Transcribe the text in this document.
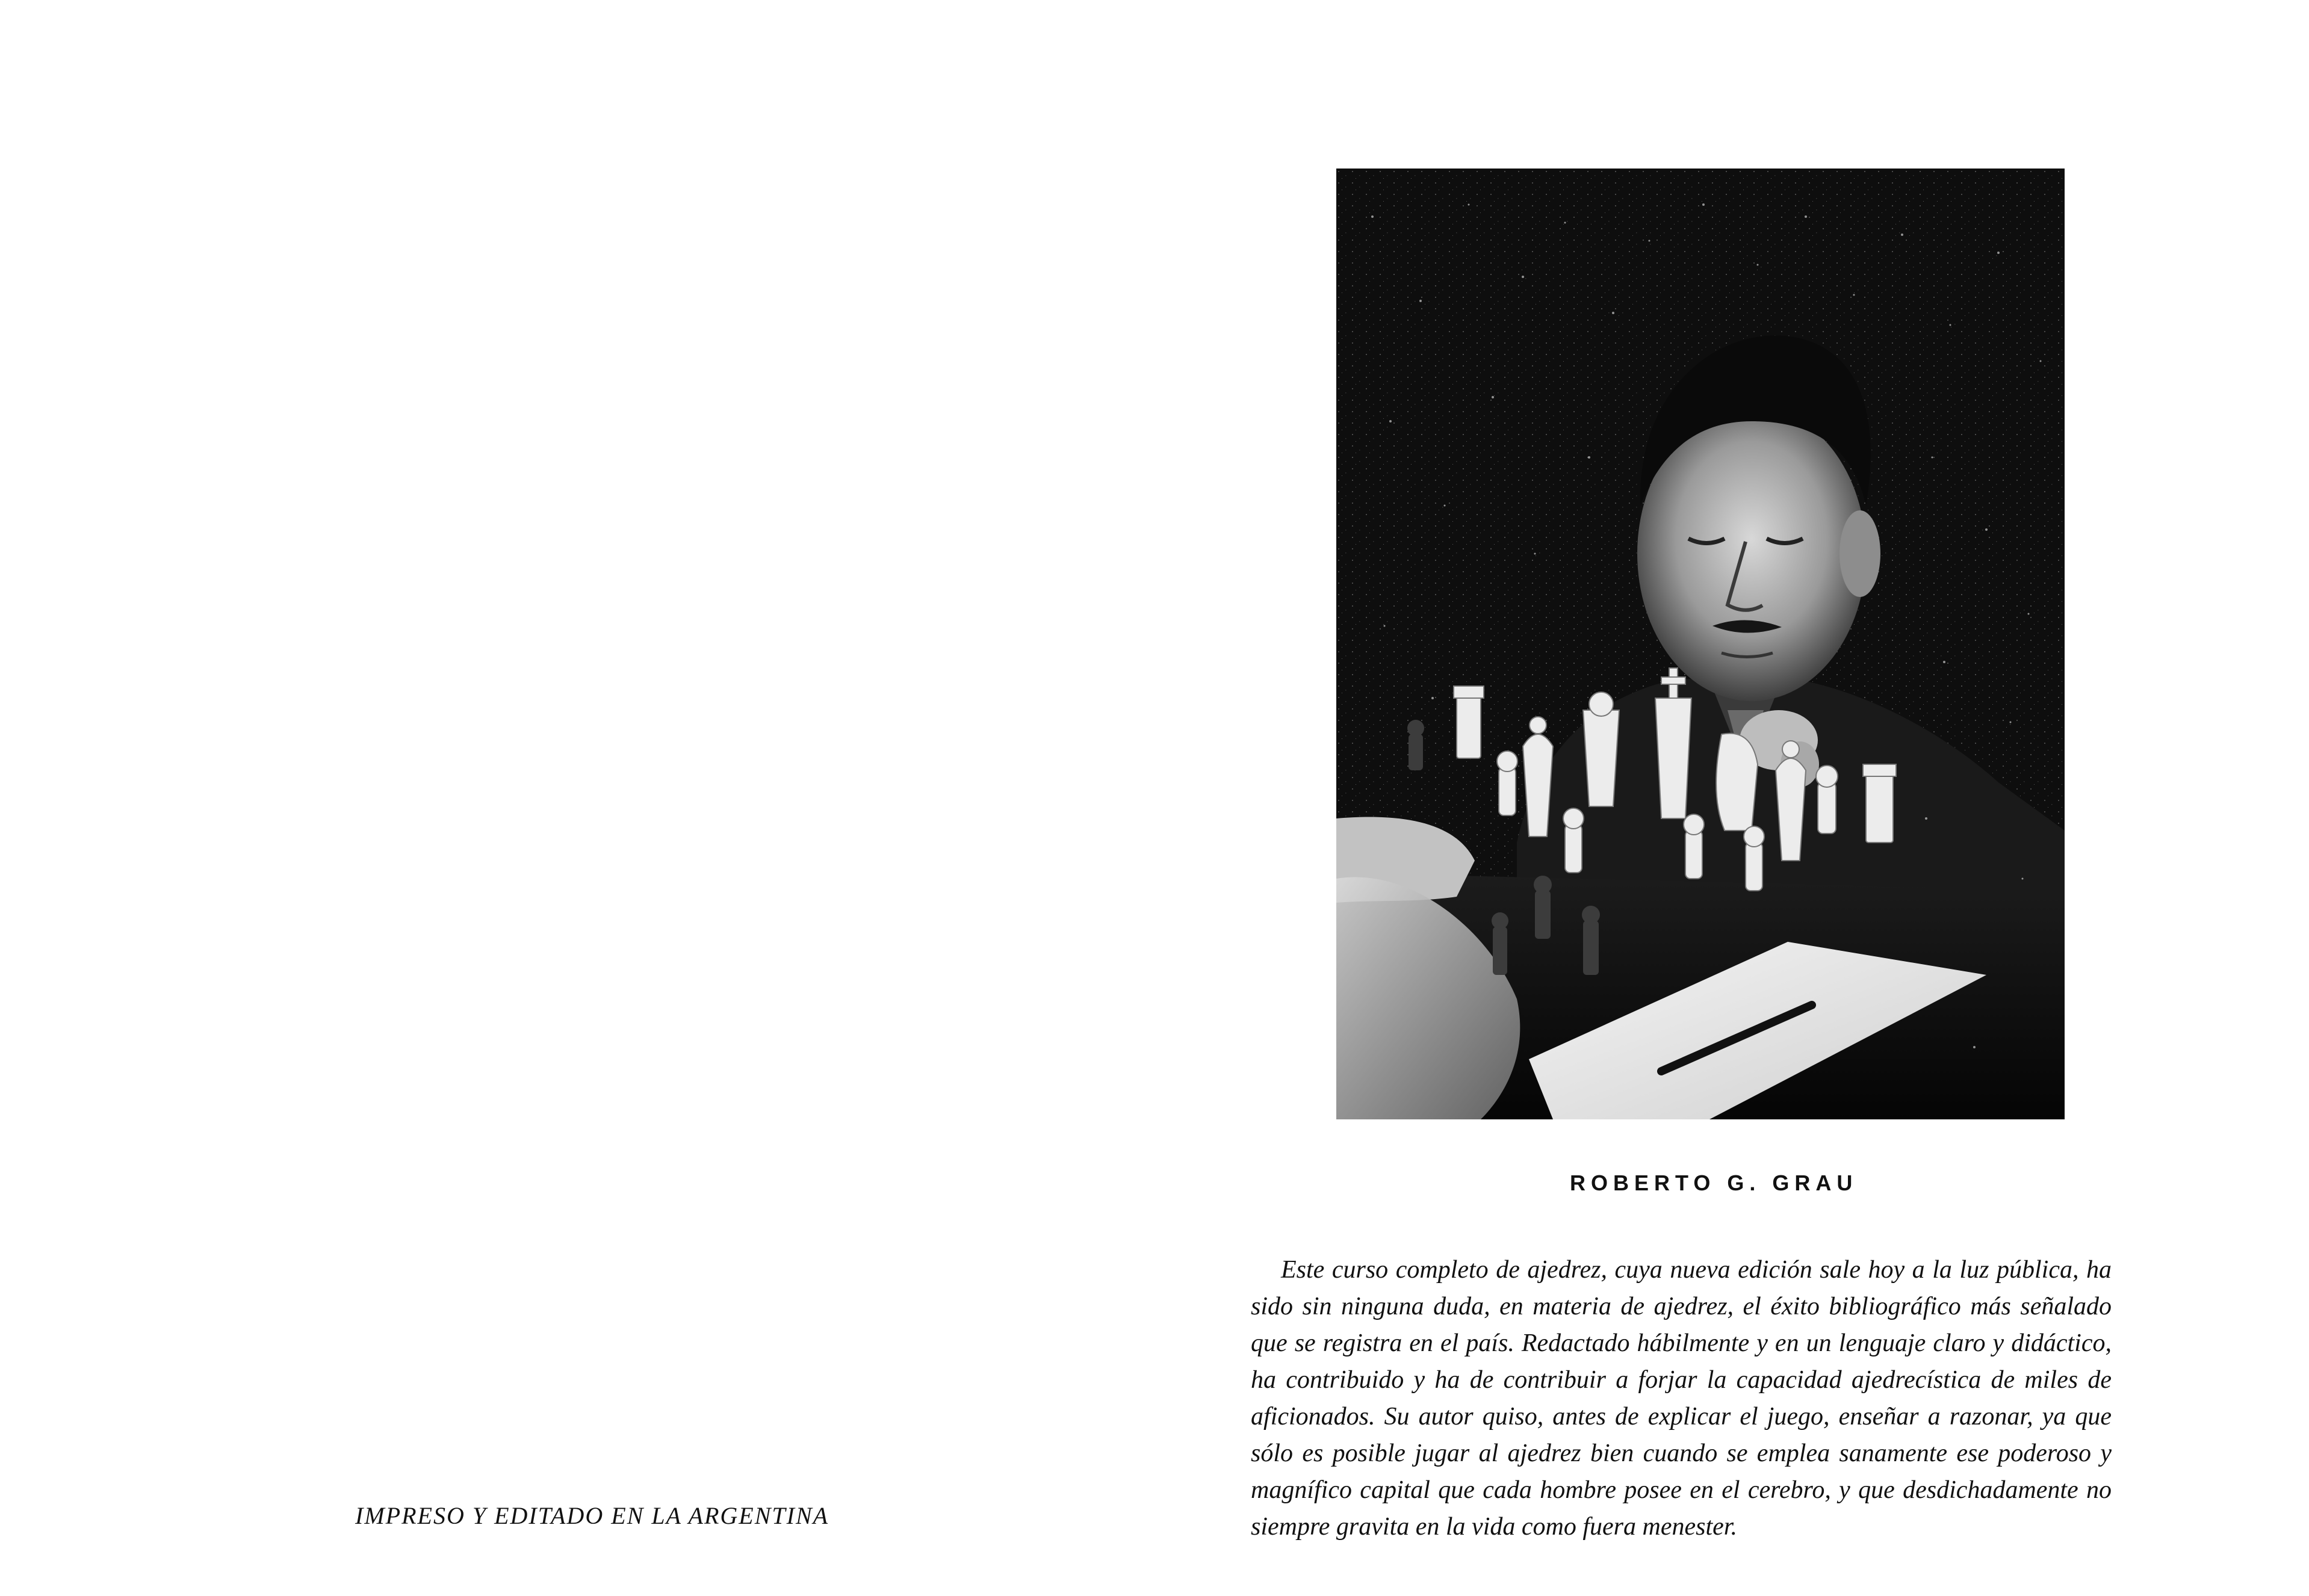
IMPRESO Y EDITADO EN LA ARGENTINA
ROBERTO G. GRAU

Este curso completo de ajedrez, cuya nueva edición sale hoy a la luz pública, ha sido sin ninguna duda, en materia de ajedrez, el éxito bibliográfico más señalado que se registra en el país. Redactado hábilmente y en un lenguaje claro y didáctico, ha contribuido y ha de contribuir a forjar la capacidad ajedrecística de miles de aficionados. Su autor quiso, antes de explicar el juego, enseñar a razonar, ya que sólo es posible jugar al ajedrez bien cuando se emplea sanamente ese poderoso y magnífico capital que cada hombre posee en el cerebro, y que desdichadamente no siempre gravita en la vida como fuera menester.
